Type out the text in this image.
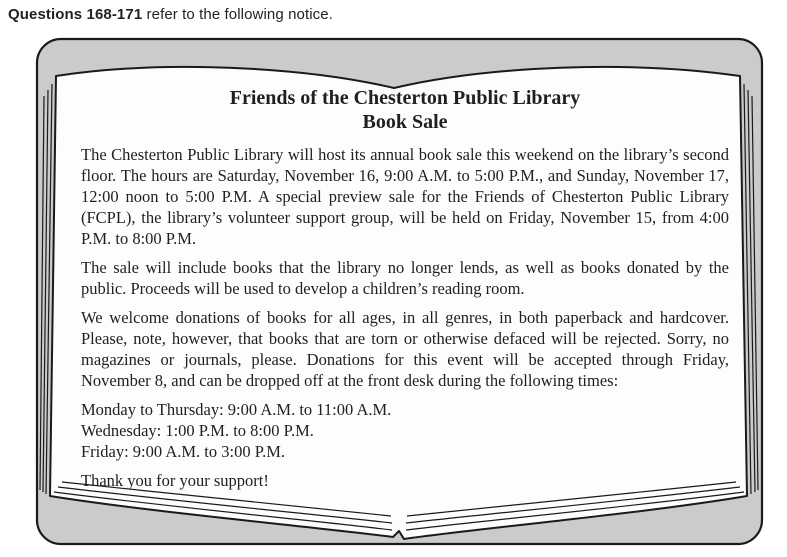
Questions 168-171 refer to the following notice.
Friends of the Chesterton Public Library
Book Sale

The Chesterton Public Library will host its annual book sale this weekend on the library’s second floor. The hours are Saturday, November 16, 9:00 A.M. to 5:00 P.M., and Sunday, November 17, 12:00 noon to 5:00 P.M. A special preview sale for the Friends of Chesterton Public Library (FCPL), the library’s volunteer support group, will be held on Friday, November 15, from 4:00 P.M. to 8:00 P.M.

The sale will include books that the library no longer lends, as well as books donated by the public. Proceeds will be used to develop a children’s reading room.

We welcome donations of books for all ages, in all genres, in both paperback and hardcover. Please, note, however, that books that are torn or otherwise defaced will be rejected. Sorry, no magazines or journals, please. Donations for this event will be accepted through Friday, November 8, and can be dropped off at the front desk during the following times:

Monday to Thursday: 9:00 A.M. to 11:00 A.M.
Wednesday: 1:00 P.M. to 8:00 P.M.
Friday: 9:00 A.M. to 3:00 P.M.

Thank you for your support!
